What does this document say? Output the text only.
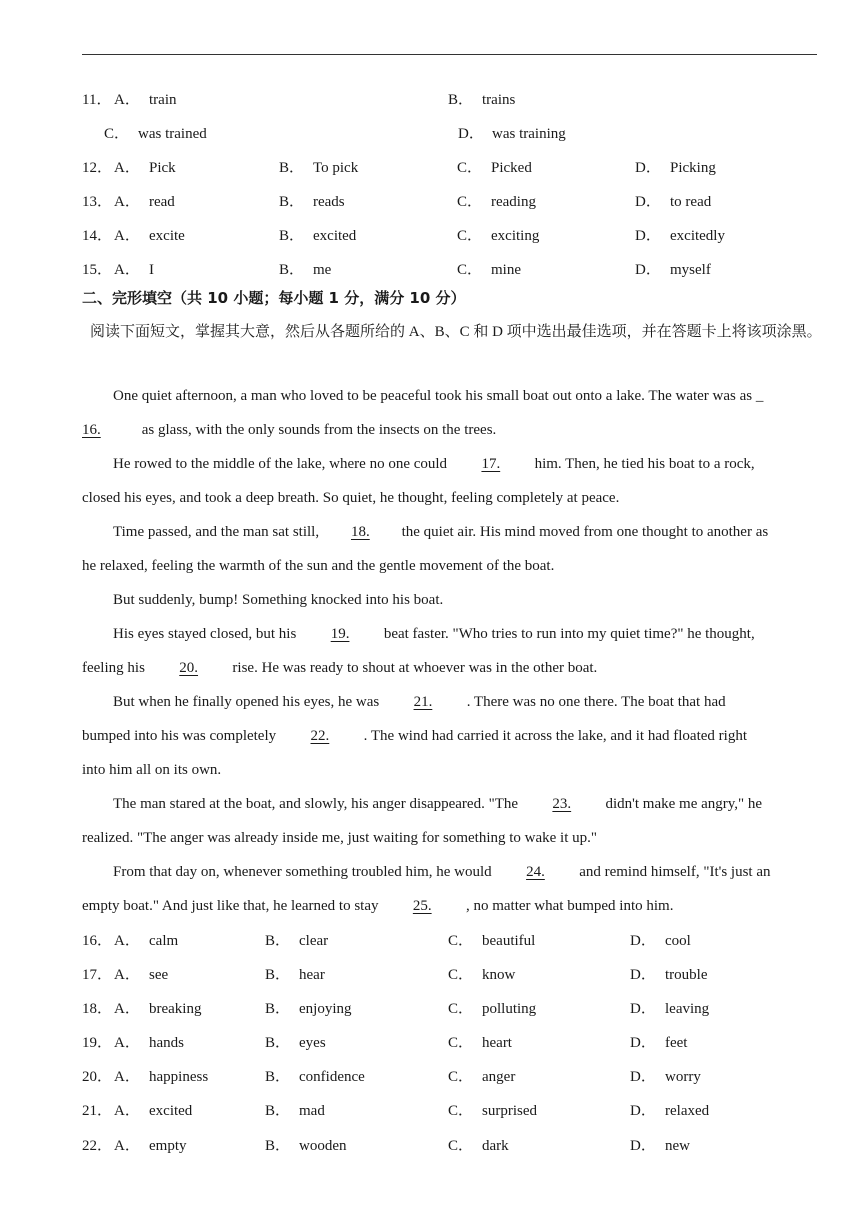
11． A． train	B． trains
C． was trained	D． was training
12． A． Pick	B． To pick	C． Picked	D． Picking
13． A． read	B． reads	C． reading	D． to read
14． A． excite	B． excited	C． exciting	D． excitedly
15． A． I	B． me	C． mine	D． myself
二、完形填空（共 10 小题；每小题 1 分，满分 10 分）
阅读下面短文，掌握其大意，然后从各题所给的 A、B、C 和 D 项中选出最佳选项，并在答题卡上将该项涂黑。
One quiet afternoon, a man who loved to be peaceful took his small boat out onto a lake. The water was as _
16. as glass, with the only sounds from the insects on the trees.
He rowed to the middle of the lake, where no one could 17. him. Then, he tied his boat to a rock,
closed his eyes, and took a deep breath. So quiet, he thought, feeling completely at peace.
Time passed, and the man sat still, 18. the quiet air. His mind moved from one thought to another as
he relaxed, feeling the warmth of the sun and the gentle movement of the boat.
But suddenly, bump! Something knocked into his boat.
His eyes stayed closed, but his 19. beat faster. "Who tries to run into my quiet time?" he thought,
feeling his 20. rise. He was ready to shout at whoever was in the other boat.
But when he finally opened his eyes, he was 21. . There was no one there. The boat that had
bumped into his was completely 22. . The wind had carried it across the lake, and it had floated right
into him all on its own.
The man stared at the boat, and slowly, his anger disappeared. "The 23. didn't make me angry," he
realized. "The anger was already inside me, just waiting for something to wake it up."
From that day on, whenever something troubled him, he would 24. and remind himself, "It's just an
empty boat." And just like that, he learned to stay 25. , no matter what bumped into him.
16． A． calm	B． clear	C． beautiful	D． cool
17． A． see	B． hear	C． know	D． trouble
18． A． breaking	B． enjoying	C． polluting	D． leaving
19． A． hands	B． eyes	C． heart	D． feet
20． A． happiness	B． confidence	C． anger	D． worry
21． A． excited	B． mad	C． surprised	D． relaxed
22． A． empty	B． wooden	C． dark	D． new
